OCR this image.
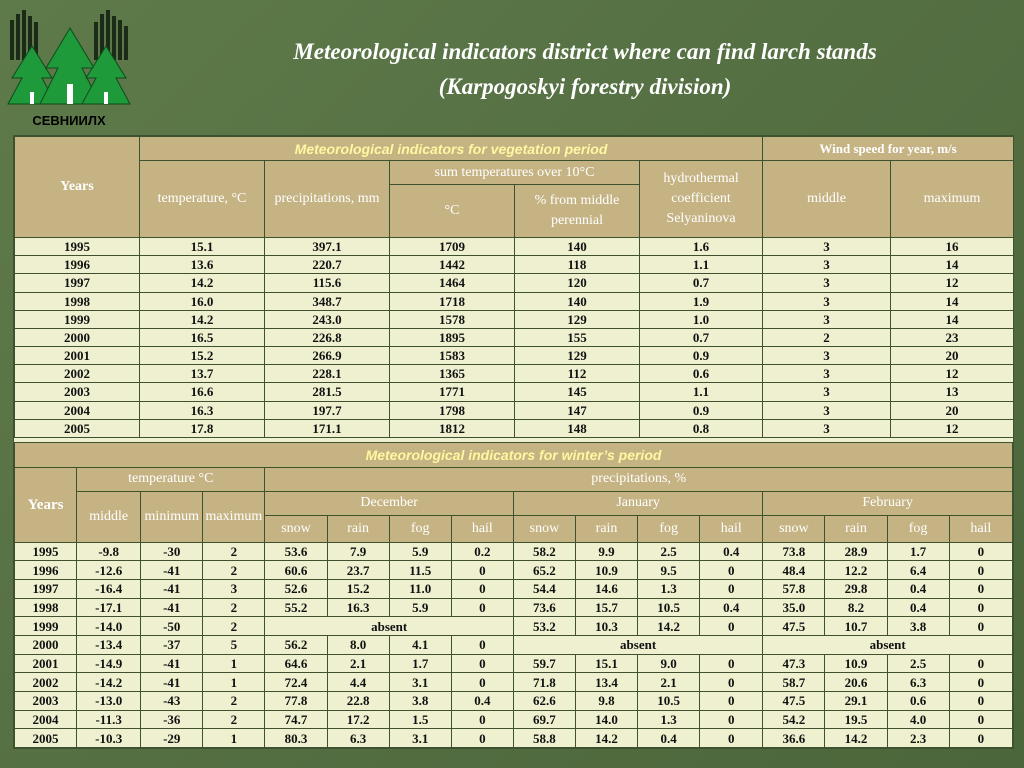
СЕВНИИЛХ
Meteorological indicators district where can find larch stands
(Karpogoskyi forestry division)
Years	Meteorological indicators for vegetation period					Wind speed for year, m/s	
	temperature, °C	precipitations, mm	sum temperatures over 10°C		hydrothermal coefficient Selyaninova	middle	maximum
			°C	% from middle perennial			
1995	15.1	397.1	1709	140	1.6	3	16
1996	13.6	220.7	1442	118	1.1	3	14
1997	14.2	115.6	1464	120	0.7	3	12
1998	16.0	348.7	1718	140	1.9	3	14
1999	14.2	243.0	1578	129	1.0	3	14
2000	16.5	226.8	1895	155	0.7	2	23
2001	15.2	266.9	1583	129	0.9	3	20
2002	13.7	228.1	1365	112	0.6	3	12
2003	16.6	281.5	1771	145	1.1	3	13
2004	16.3	197.7	1798	147	0.9	3	20
2005	17.8	171.1	1812	148	0.8	3	12
Meteorological indicators for winter’s period															
Years	temperature °C			precipitations, %											
	middle	minimum	maximum	December				January				February			
				snow	rain	fog	hail	snow	rain	fog	hail	snow	rain	fog	hail
1995	-9.8	-30	2	53.6	7.9	5.9	0.2	58.2	9.9	2.5	0.4	73.8	28.9	1.7	0
1996	-12.6	-41	2	60.6	23.7	11.5	0	65.2	10.9	9.5	0	48.4	12.2	6.4	0
1997	-16.4	-41	3	52.6	15.2	11.0	0	54.4	14.6	1.3	0	57.8	29.8	0.4	0
1998	-17.1	-41	2	55.2	16.3	5.9	0	73.6	15.7	10.5	0.4	35.0	8.2	0.4	0
1999	-14.0	-50	2	absent				53.2	10.3	14.2	0	47.5	10.7	3.8	0
2000	-13.4	-37	5	56.2	8.0	4.1	0	absent				absent			
2001	-14.9	-41	1	64.6	2.1	1.7	0	59.7	15.1	9.0	0	47.3	10.9	2.5	0
2002	-14.2	-41	1	72.4	4.4	3.1	0	71.8	13.4	2.1	0	58.7	20.6	6.3	0
2003	-13.0	-43	2	77.8	22.8	3.8	0.4	62.6	9.8	10.5	0	47.5	29.1	0.6	0
2004	-11.3	-36	2	74.7	17.2	1.5	0	69.7	14.0	1.3	0	54.2	19.5	4.0	0
2005	-10.3	-29	1	80.3	6.3	3.1	0	58.8	14.2	0.4	0	36.6	14.2	2.3	0
